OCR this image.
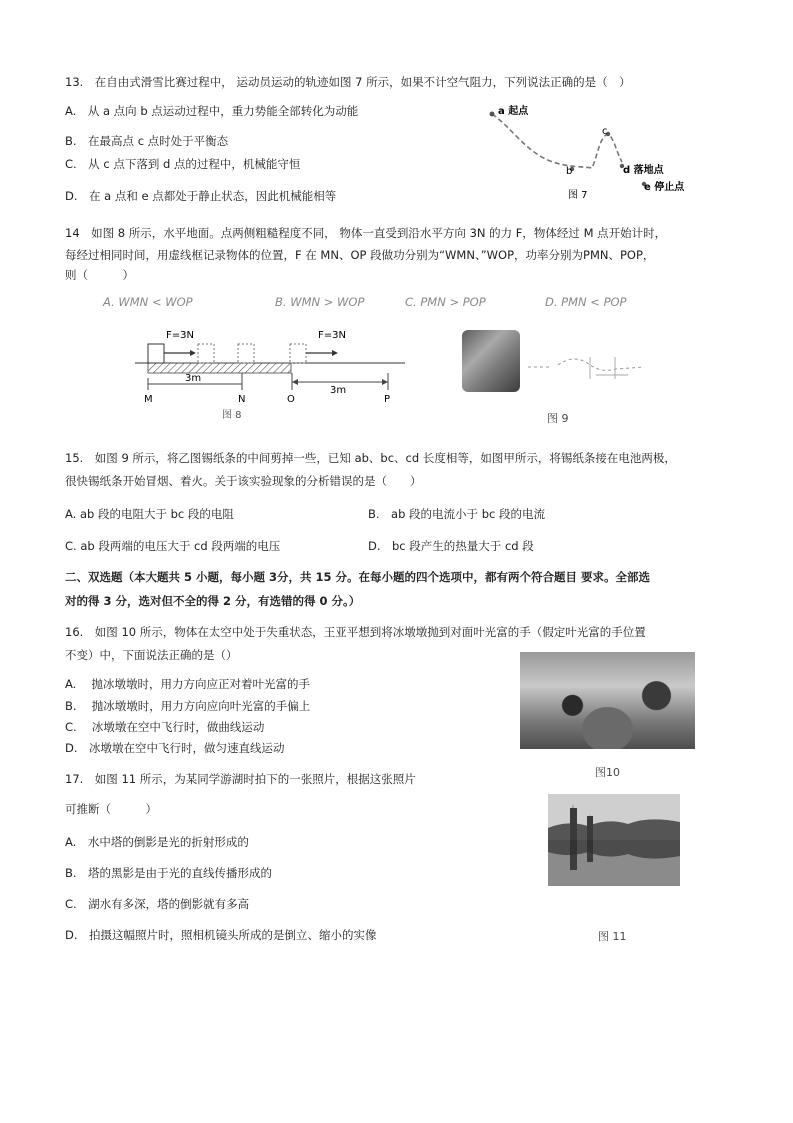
13.　在自由式滑雪比赛过程中， 运动员运动的轨迹如图 7 所示，如果不计空气阻力，下列说法正确的是（　）
A.　从 a 点向 b 点运动过程中，重力势能全部转化为动能
B.　在最高点 c 点时处于平衡态
C.　从 c 点下落到 d 点的过程中，机械能守恒
D.　在 a 点和 e 点都处于静止状态，因此机械能相等
a 起点
b
c
d 落地点
e 停止点
图 7
14　如图 8 所示，水平地面。点两侧粗糙程度不同， 物体一直受到沿水平方向 3N 的力 F，物体经过 M 点开始计时，
每经过相同时间，用虚线框记录物体的位置，F 在 MN、OP 段做功分别为“WMN、”WOP，功率分别为PMN、POP，
则（　　　）
A. WMN < WOP	B. WMN > WOP	C. PMN > POP	D. PMN < POP
F=3N	F=3N
3m
3m
M	N	O	P
图 8	图 9
15.　如图 9 所示，将乙图锡纸条的中间剪掉一些，已知 ab、bc、cd 长度相等，如图甲所示，将锡纸条接在电池两极，
很快锡纸条开始冒烟、着火。关于该实验现象的分析错误的是（　　）
A. ab 段的电阻大于 bc 段的电阻	B.　ab 段的电流小于 bc 段的电流
C. ab 段两端的电压大于 cd 段两端的电压	D.　bc 段产生的热量大于 cd 段
二、双选题（本大题共 5 小题，每小题 3分，共 15 分。在每小题的四个选项中，都有两个符合题目 要求。全部选
对的得 3 分，选对但不全的得 2 分，有选错的得 0 分。）
16.　如图 10 所示，物体在太空中处于失重状态，王亚平想到将冰墩墩抛到对面叶光富的手（假定叶光富的手位置
不变）中，下面说法正确的是（）
A.　 抛冰墩墩时，用力方向应正对着叶光富的手
B.　 抛冰墩墩时，用力方向应向叶光富的手偏上
C.　 冰墩墩在空中飞行时，做曲线运动
D.　冰墩墩在空中飞行时，做匀速直线运动
图10
17.　如图 11 所示，为某同学游湖时拍下的一张照片，根据这张照片
可推断（　　　）
A.　水中塔的倒影是光的折射形成的
B.　塔的黑影是由于光的直线传播形成的
C.　湖水有多深，塔的倒影就有多高
D.　拍摄这幅照片时，照相机镜头所成的是倒立、缩小的实像	图 11
